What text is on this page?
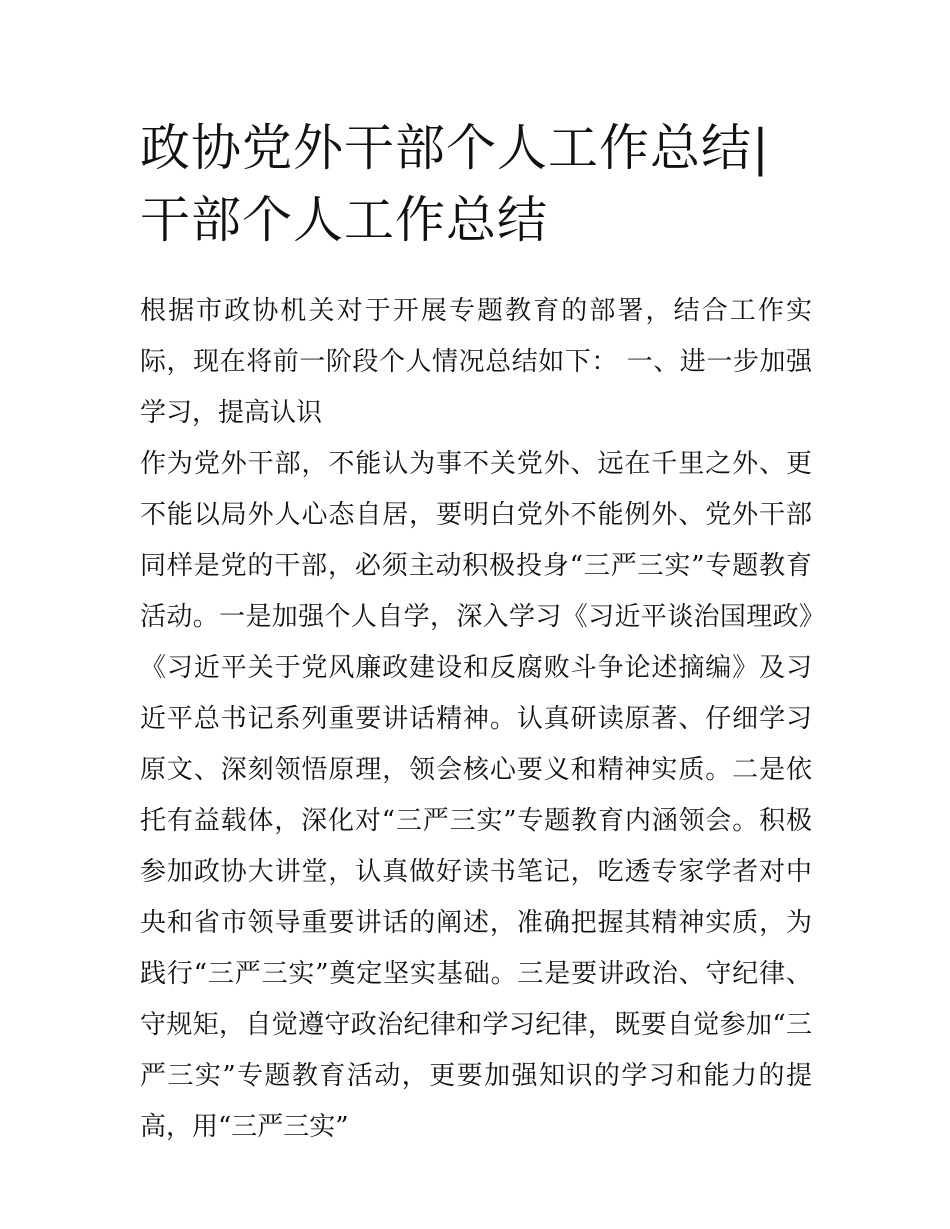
政协党外干部个人工作总结|干部个人工作总结

根据市政协机关对于开展专题教育的部署，结合工作实际，现在将前一阶段个人情况总结如下： 一、进一步加强学习，提高认识

作为党外干部，不能认为事不关党外、远在千里之外、更不能以局外人心态自居，要明白党外不能例外、党外干部同样是党的干部，必须主动积极投身“三严三实”专题教育活动。一是加强个人自学，深入学习《习近平谈治国理政》《习近平关于党风廉政建设和反腐败斗争论述摘编》及习近平总书记系列重要讲话精神。认真研读原著、仔细学习原文、深刻领悟原理，领会核心要义和精神实质。二是依托有益载体，深化对“三严三实”专题教育内涵领会。积极参加政协大讲堂，认真做好读书笔记，吃透专家学者对中央和省市领导重要讲话的阐述，准确把握其精神实质，为践行“三严三实”奠定坚实基础。三是要讲政治、守纪律、守规矩，自觉遵守政治纪律和学习纪律，既要自觉参加“三严三实”专题教育活动，更要加强知识的学习和能力的提高，用“三严三实”
